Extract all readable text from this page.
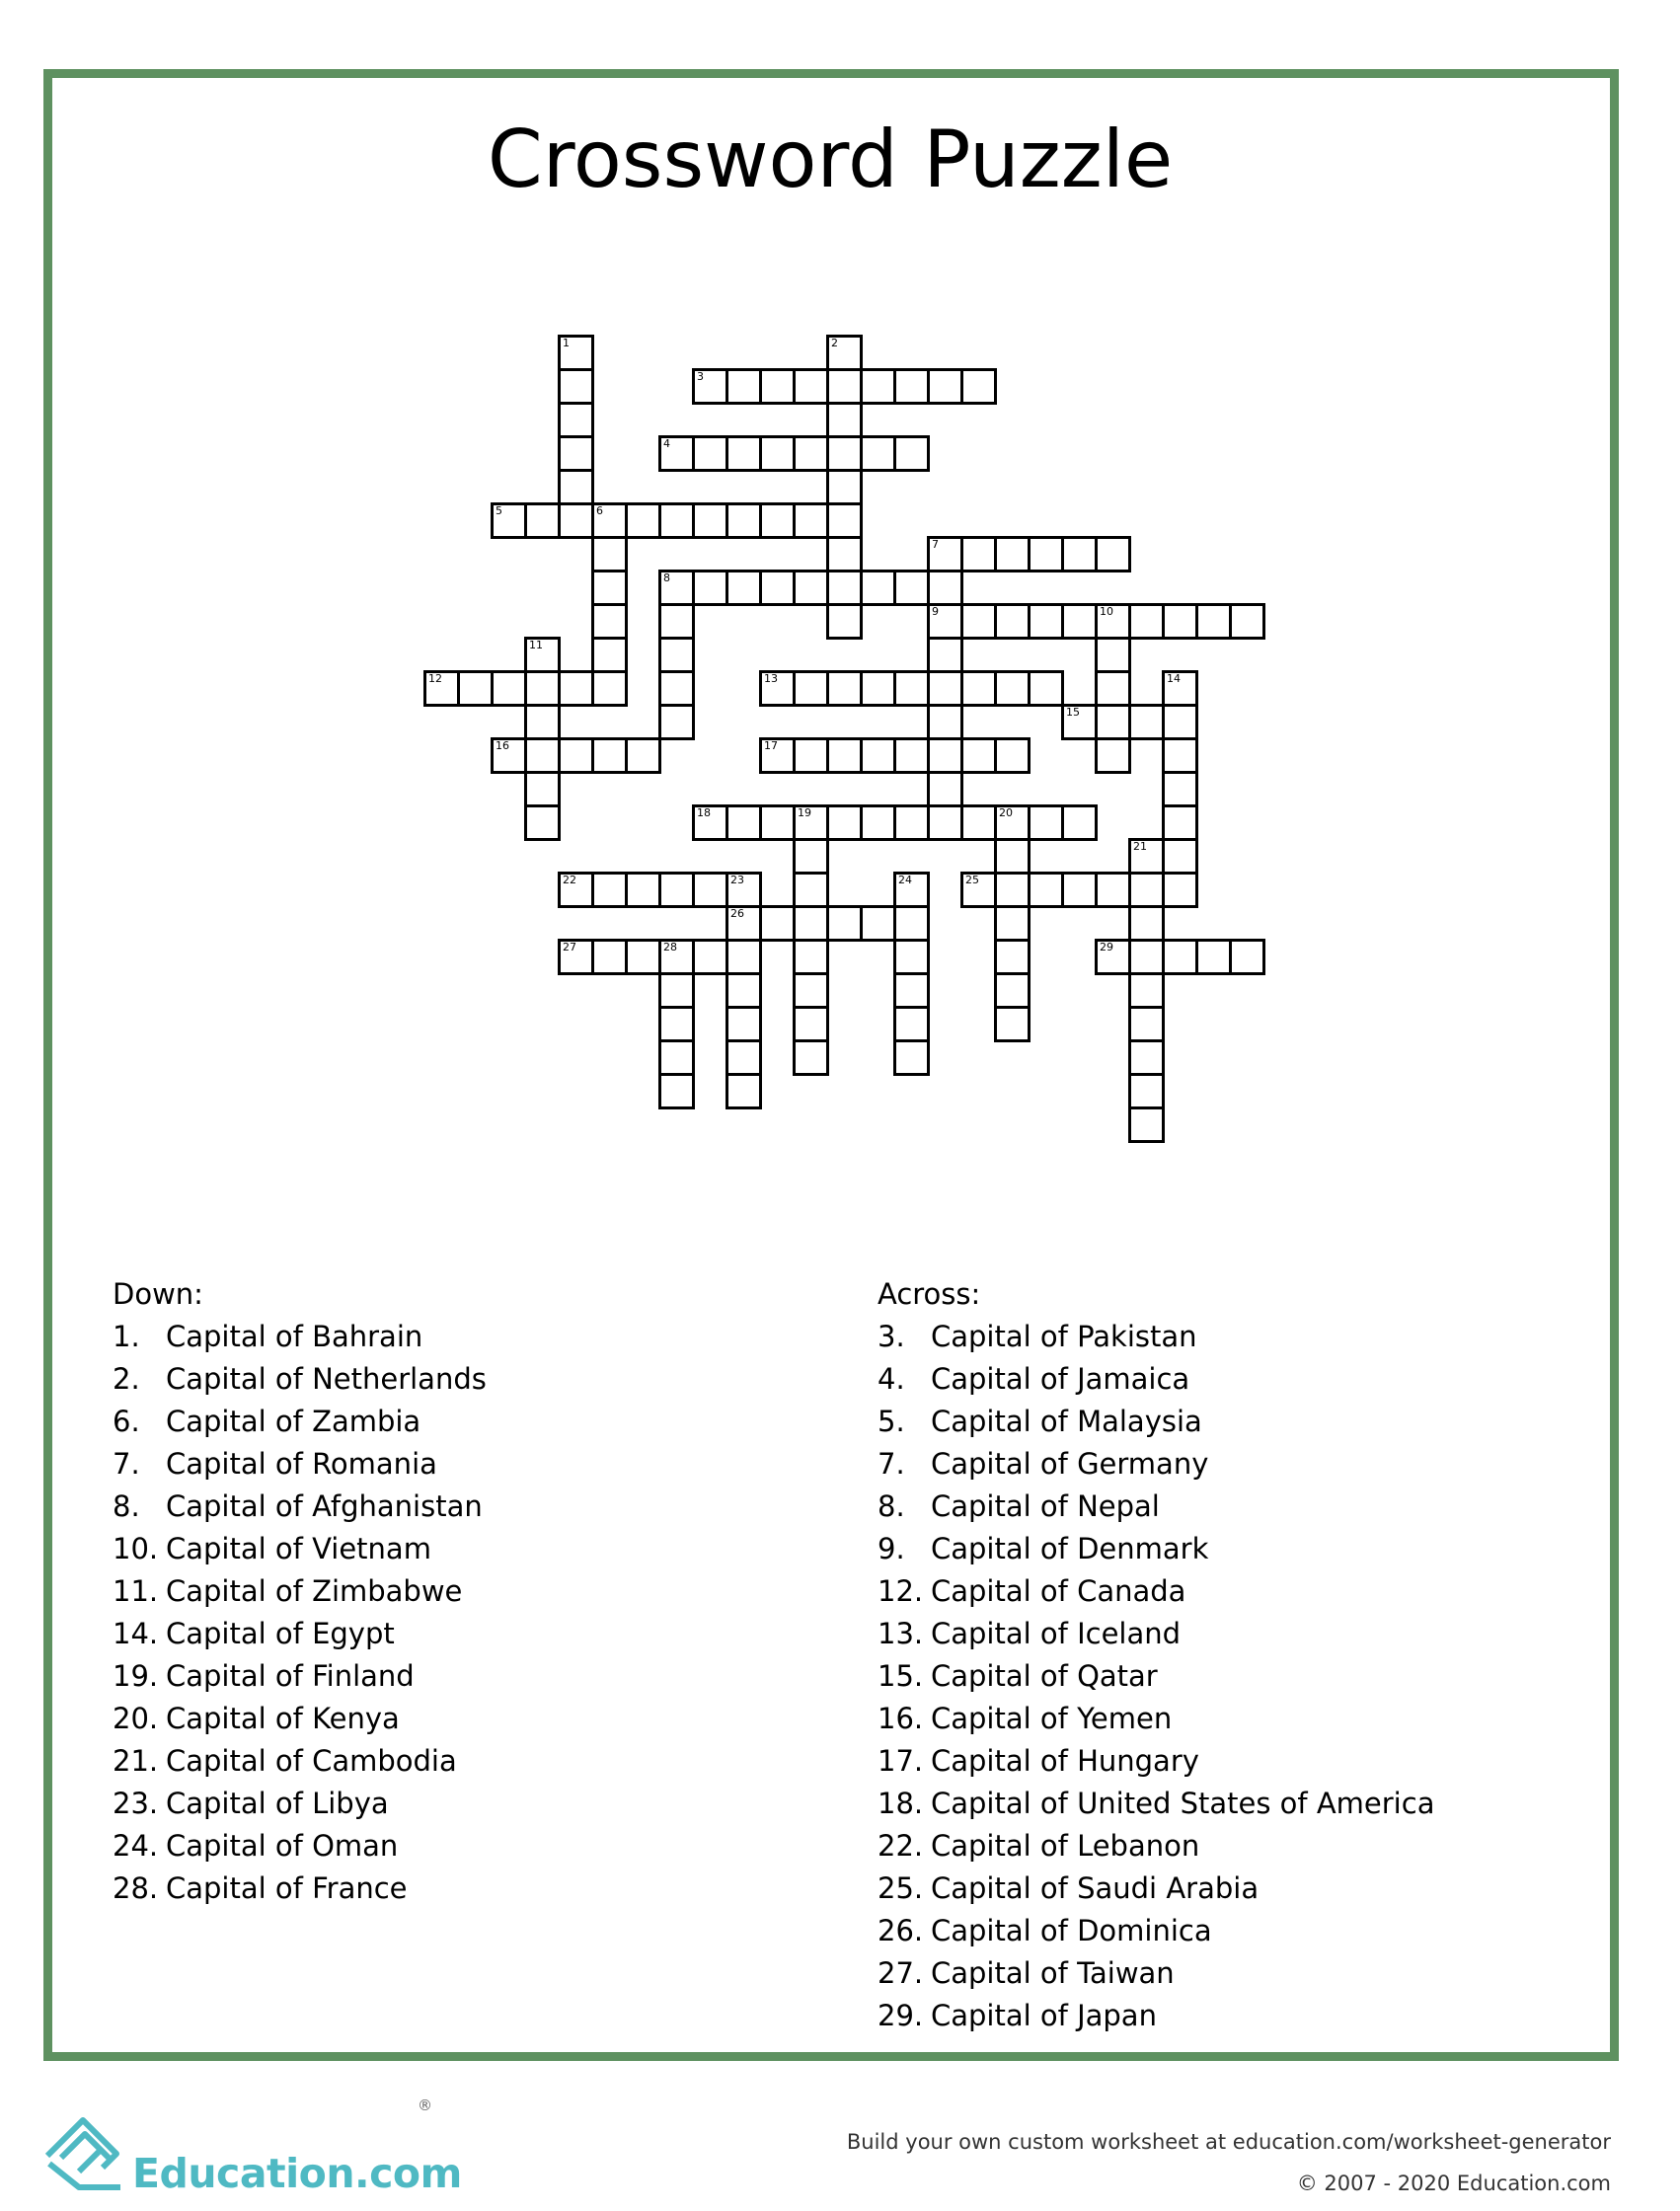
Crossword Puzzle
1	2
3
4
5	6
7
9
8
10
11
12	13	14
15
16	17
18	19	20
21
22	23
26
24	25
27	28	29
Down:
1. Capital of Bahrain
2. Capital of Netherlands
6. Capital of Zambia
7. Capital of Romania
8. Capital of Afghanistan
10. Capital of Vietnam
11. Capital of Zimbabwe
14. Capital of Egypt
19. Capital of Finland
20. Capital of Kenya
21. Capital of Cambodia
23. Capital of Libya
24. Capital of Oman
28. Capital of France
Across:
3. Capital of Pakistan
4. Capital of Jamaica
5. Capital of Malaysia
7. Capital of Germany
8. Capital of Nepal
9. Capital of Denmark
12. Capital of Canada
13. Capital of Iceland
15. Capital of Qatar
16. Capital of Yemen
17. Capital of Hungary
18. Capital of United States of America
22. Capital of Lebanon
25. Capital of Saudi Arabia
26. Capital of Dominica
27. Capital of Taiwan
29. Capital of Japan
Education.com
®
Build your own custom worksheet at education.com/worksheet-generator
© 2007 - 2020 Education.com
